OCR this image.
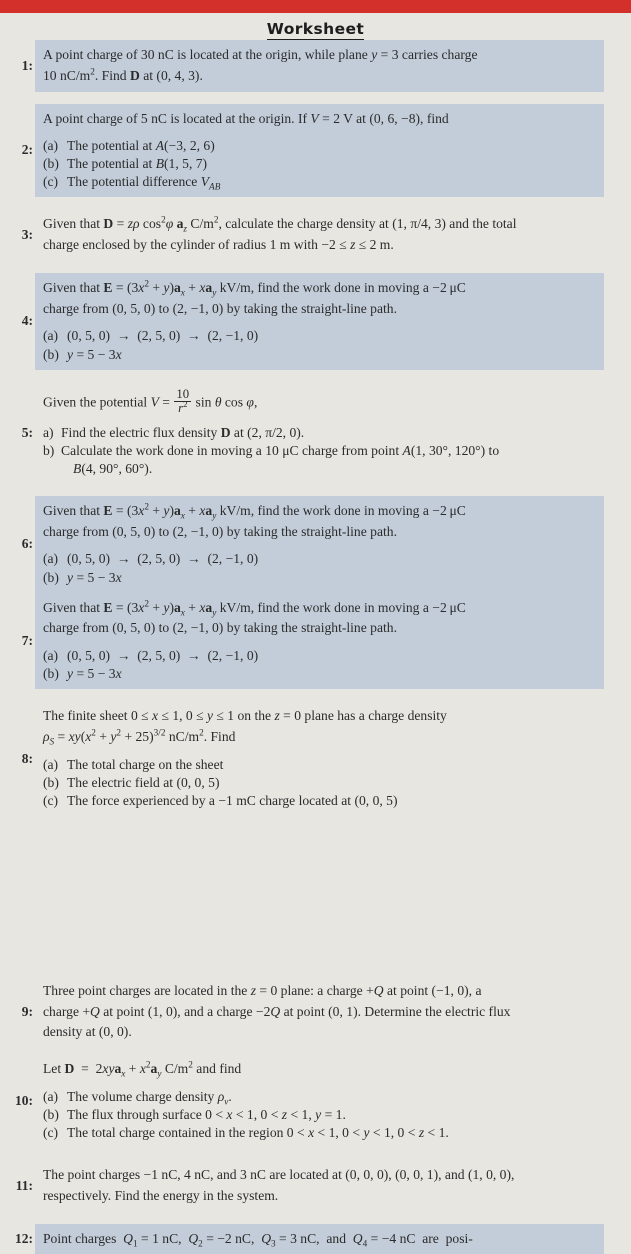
Worksheet
1:

A point charge of 30 nC is located at the origin, while plane y = 3 carries charge

10 $nC/m^2$. Find D at (0, 4, 3).

2:

A point charge of 5 nC is located at the origin. If V = 2 V at (0, 6, −8), find

(a) The potential at A(−3, 2, 6)
(b) The potential at B(1, 5, 7)
(c) The potential difference $V_{AB}$
3:

Given that D = zρ $\cos^2\varphi$ $a_z$ $C/m^2$, calculate the charge density at (1, π/4, 3) and the total

charge enclosed by the cylinder of radius 1 m with −2 ≤ z ≤ 2 m.

4:

Given that $E = (3x^2 + y)a_x + xa_y$ kV/m, find the work done in moving a −2 μC

charge from (0, 5, 0) to (2, −1, 0) by taking the straight-line path.

(a) (0, 5, 0)  →  (2, 5, 0)  →  (2, −1, 0)
(b) y = 5 − 3x
5:

Given the potential $V = \frac{10}{r^2}$ sin θ cos φ,

a) Find the electric flux density D at (2, π/2, 0).
b) Calculate the work done in moving a 10 μC charge from point A(1, 30°, 120°) to
B(4, 90°, 60°).
6:

Given that $E = (3x^2 + y)a_x + xa_y$ kV/m, find the work done in moving a −2 μC

charge from (0, 5, 0) to (2, −1, 0) by taking the straight-line path.

(a) (0, 5, 0)  →  (2, 5, 0)  →  (2, −1, 0)
(b) y = 5 − 3x
7:

Given that $E = (3x^2 + y)a_x + xa_y$ kV/m, find the work done in moving a −2 μC

charge from (0, 5, 0) to (2, −1, 0) by taking the straight-line path.

(a) (0, 5, 0)  →  (2, 5, 0)  →  (2, −1, 0)
(b) y = 5 − 3x
8:

The finite sheet 0 ≤ x ≤ 1, 0 ≤ y ≤ 1 on the z = 0 plane has a charge density

$\rho_S = xy(x^2 + y^2 + 25)^{3/2}$ $nC/m^2$. Find

(a) The total charge on the sheet
(b) The electric field at (0, 0, 5)
(c) The force experienced by a −1 mC charge located at (0, 0, 5)
9:

Three point charges are located in the z = 0 plane: a charge +Q at point (−1, 0), a

charge +Q at point (1, 0), and a charge −2Q at point (0, 1). Determine the electric flux

density at (0, 0).

10:

Let $D = 2xya_x + x^2a_y$ $C/m^2$ and find

(a) The volume charge density $\rho_v$.
(b) The flux through surface 0 < x < 1, 0 < z < 1, y = 1.
(c) The total charge contained in the region 0 < x < 1, 0 < y < 1, 0 < z < 1.
11:

The point charges −1 nC, 4 nC, and 3 nC are located at (0, 0, 0), (0, 0, 1), and (1, 0, 0),

respectively. Find the energy in the system.

12: Point charges  $Q_1 = 1$ nC,  $Q_2 = -2$ nC,  $Q_3 = 3$ nC,  and  $Q_4 = -4$ nC  are  posi-
